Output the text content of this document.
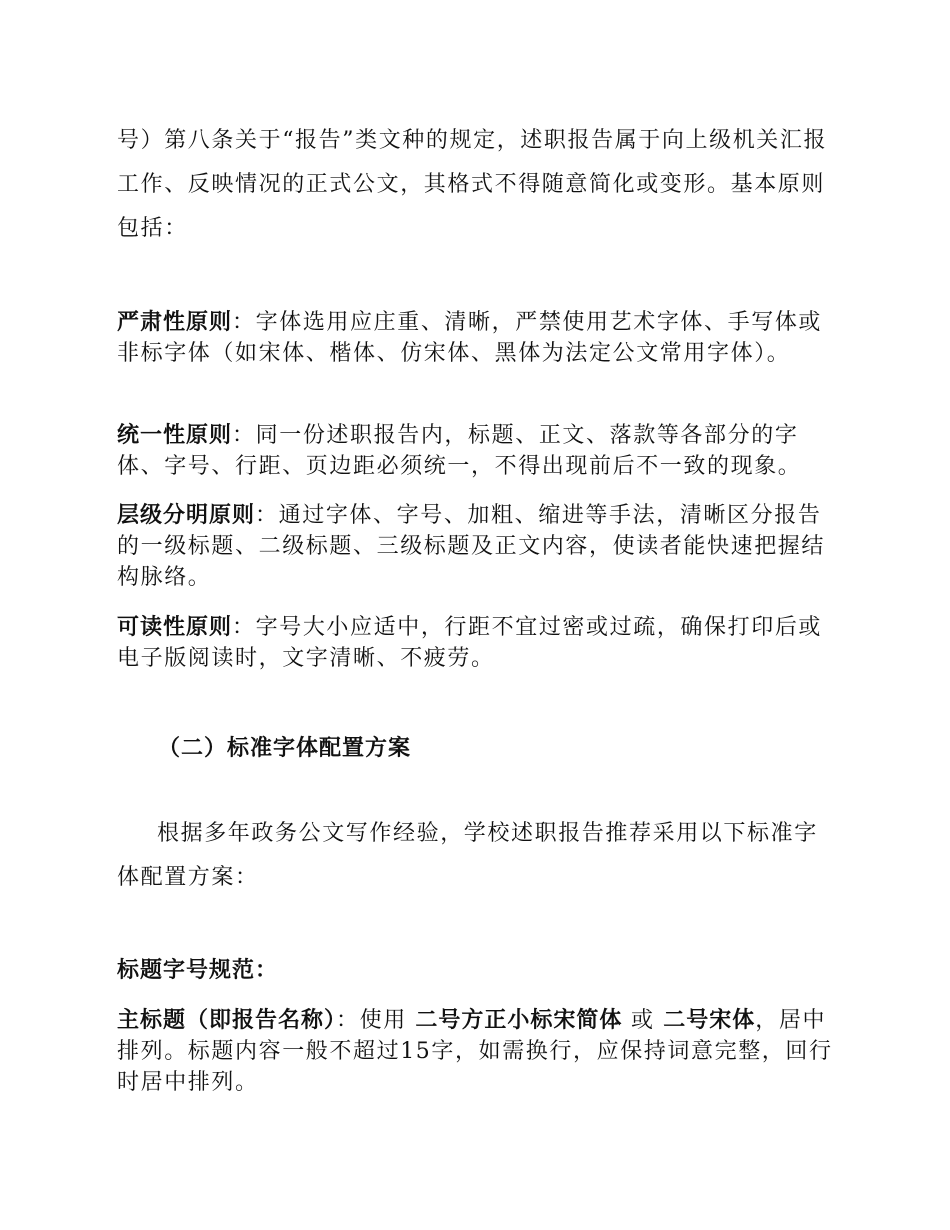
号）第八条关于“报告”类文种的规定，述职报告属于向上级机关汇报工作、反映情况的正式公文，其格式不得随意简化或变形。基本原则包括：

严肃性原则：字体选用应庄重、清晰，严禁使用艺术字体、手写体或非标字体（如宋体、楷体、仿宋体、黑体为法定公文常用字体）。

统一性原则：同一份述职报告内，标题、正文、落款等各部分的字体、字号、行距、页边距必须统一，不得出现前后不一致的现象。

层级分明原则：通过字体、字号、加粗、缩进等手法，清晰区分报告的一级标题、二级标题、三级标题及正文内容，使读者能快速把握结构脉络。

可读性原则：字号大小应适中，行距不宜过密或过疏，确保打印后或电子版阅读时，文字清晰、不疲劳。

（二）标准字体配置方案

根据多年政务公文写作经验，学校述职报告推荐采用以下标准字体配置方案：

标题字号规范：

主标题（即报告名称）：使用 二号方正小标宋简体 或 二号宋体，居中排列。标题内容一般不超过15字，如需换行，应保持词意完整，回行时居中排列。
